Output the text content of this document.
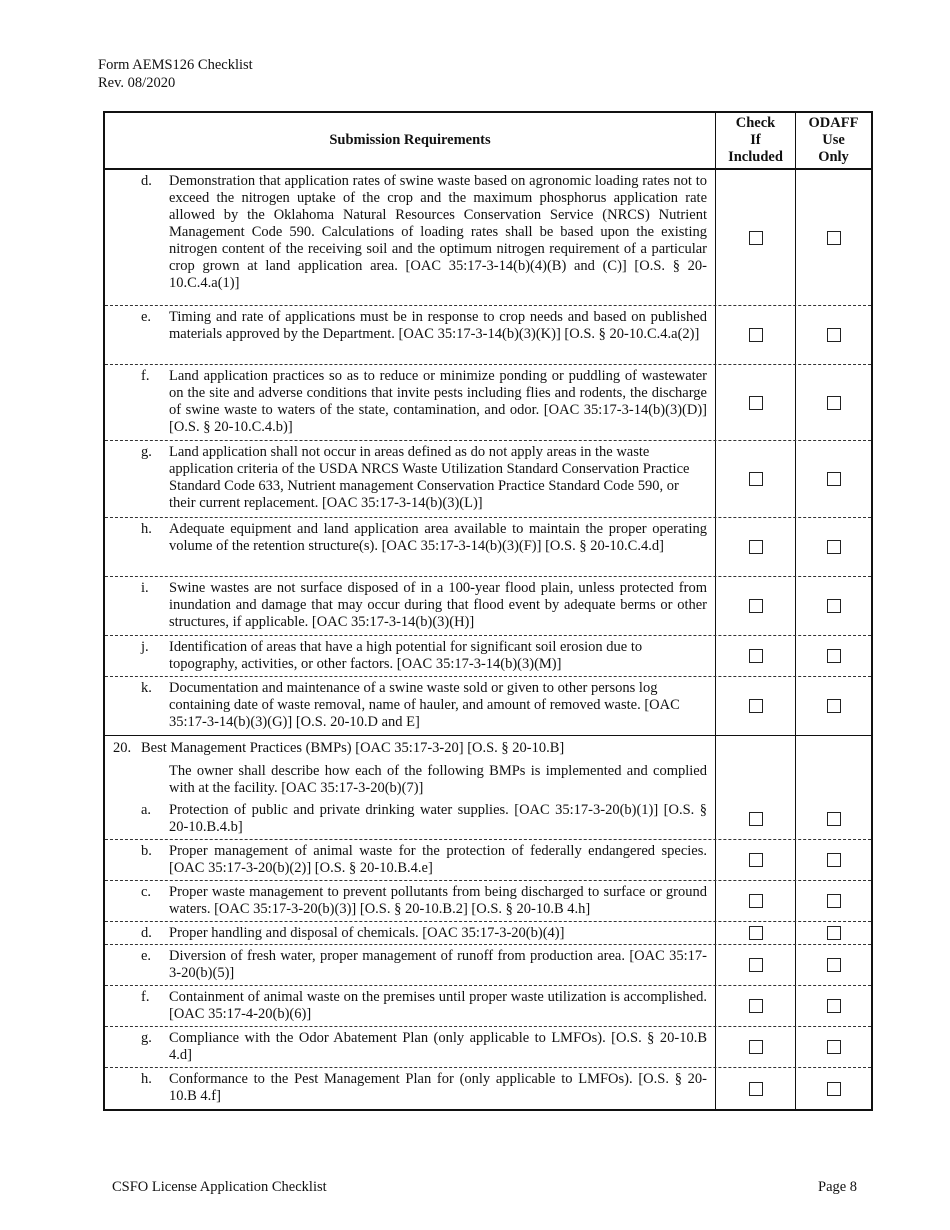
Form AEMS126 Checklist
Rev. 08/2020
Submission Requirements
Check
If
Included
ODAFF
Use
Only
d.	Demonstration that application rates of swine waste based on agronomic loading rates not to exceed the nitrogen uptake of the crop and the maximum phosphorus application rate allowed by the Oklahoma Natural Resources Conservation Service (NRCS) Nutrient Management Code 590. Calculations of loading rates shall be based upon the existing nitrogen content of the receiving soil and the optimum nitrogen requirement of a particular crop grown at land application area. [OAC 35:17-3-14(b)(4)(B) and (C)] [O.S. § 20-10.C.4.a(1)]
e.	Timing and rate of applications must be in response to crop needs and based on published materials approved by the Department. [OAC 35:17-3-14(b)(3)(K)] [O.S. § 20-10.C.4.a(2)]
f.	Land application practices so as to reduce or minimize ponding or puddling of wastewater on the site and adverse conditions that invite pests including flies and rodents, the discharge of swine waste to waters of the state, contamination, and odor. [OAC 35:17-3-14(b)(3)(D)] [O.S. § 20-10.C.4.b)]
g.	Land application shall not occur in areas defined as do not apply areas in the waste application criteria of the USDA NRCS Waste Utilization Standard Conservation Practice Standard Code 633, Nutrient management Conservation Practice Standard Code 590, or their current replacement. [OAC 35:17-3-14(b)(3)(L)]
h.	Adequate equipment and land application area available to maintain the proper operating volume of the retention structure(s). [OAC 35:17-3-14(b)(3)(F)] [O.S. § 20-10.C.4.d]
i.	Swine wastes are not surface disposed of in a 100-year flood plain, unless protected from inundation and damage that may occur during that flood event by adequate berms or other structures, if applicable. [OAC 35:17-3-14(b)(3)(H)]
j.	Identification of areas that have a high potential for significant soil erosion due to topography, activities, or other factors. [OAC 35:17-3-14(b)(3)(M)]
k.	Documentation and maintenance of a swine waste sold or given to other persons log containing date of waste removal, name of hauler, and amount of removed waste. [OAC 35:17-3-14(b)(3)(G)] [O.S. 20-10.D and E]
20. Best Management Practices (BMPs) [OAC 35:17-3-20] [O.S. § 20-10.B]
The owner shall describe how each of the following BMPs is implemented and complied with at the facility. [OAC 35:17-3-20(b)(7)]
a.	Protection of public and private drinking water supplies. [OAC 35:17-3-20(b)(1)] [O.S. § 20-10.B.4.b]
b.	Proper management of animal waste for the protection of federally endangered species. [OAC 35:17-3-20(b)(2)] [O.S. § 20-10.B.4.e]
c.	Proper waste management to prevent pollutants from being discharged to surface or ground waters. [OAC 35:17-3-20(b)(3)] [O.S. § 20-10.B.2] [O.S. § 20-10.B 4.h]
d.	Proper handling and disposal of chemicals. [OAC 35:17-3-20(b)(4)]
e.	Diversion of fresh water, proper management of runoff from production area. [OAC 35:17-3-20(b)(5)]
f.	Containment of animal waste on the premises until proper waste utilization is accomplished. [OAC 35:17-4-20(b)(6)]
g.	Compliance with the Odor Abatement Plan (only applicable to LMFOs). [O.S. § 20-10.B 4.d]
h.	Conformance to the Pest Management Plan for (only applicable to LMFOs). [O.S. § 20-10.B 4.f]
CSFO License Application Checklist	Page 8
